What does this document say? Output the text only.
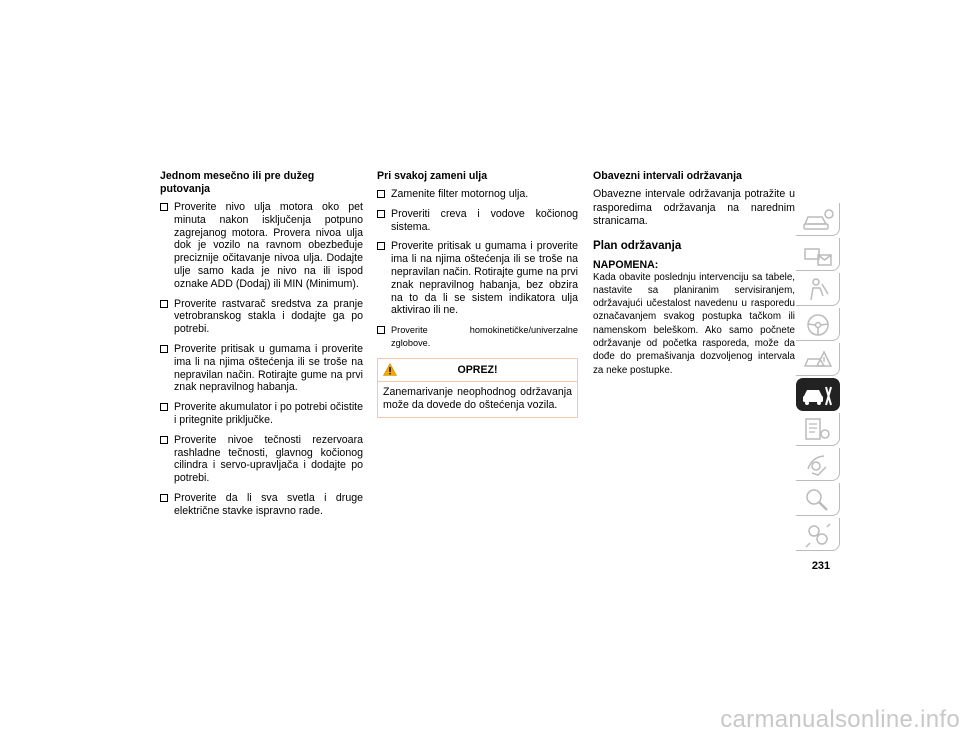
Jednom mesečno ili pre dužeg putovanja
Proverite nivo ulja motora oko pet minuta nakon isključenja potpuno zagrejanog motora. Provera nivoa ulja dok je vozilo na ravnom obezbeđuje preciznije očitavanje nivoa ulja. Dodajte ulje samo kada je nivo na ili ispod oznake ADD (Dodaj) ili MIN (Minimum).
Proverite rastvarač sredstva za pranje vetrobranskog stakla i dodajte ga po potrebi.
Proverite pritisak u gumama i proverite ima li na njima oštećenja ili se troše na nepravilan način. Rotirajte gume na prvi znak nepravilnog habanja.
Proverite akumulator i po potrebi očistite i pritegnite priključke.
Proverite nivoe tečnosti rezervoara rashladne tečnosti, glavnog kočionog cilindra i servo-upravljača i dodajte po potrebi.
Proverite da li sva svetla i druge električne stavke ispravno rade.
Pri svakoj zameni ulja
Zamenite filter motornog ulja.
Proveriti creva i vodove kočionog sistema.
Proverite pritisak u gumama i proverite ima li na njima oštećenja ili se troše na nepravilan način. Rotirajte gume na prvi znak nepravilnog habanja, bez obzira na to da li se sistem indikatora ulja aktivirao ili ne.
Proverite homokinetičke/univerzalne zglobove.
OPREZ!
Zanemarivanje neophodnog održavanja može da dovede do oštećenja vozila.
Obavezni intervali održavanja

Obavezne intervale održavanja potražite u rasporedima održavanja na narednim stranicama.

Plan održavanja
NAPOMENA:

Kada obavite poslednju intervenciju sa tabele, nastavite sa planiranim servisiranjem, održavajući učestalost navedenu u rasporedu označavanjem svakog postupka tačkom ili namenskom beleškom. Ako samo počnete održavanje od početka rasporeda, može da dođe do premašivanja dozvoljenog intervala za neke postupke.

231
carmanualsonline.info
